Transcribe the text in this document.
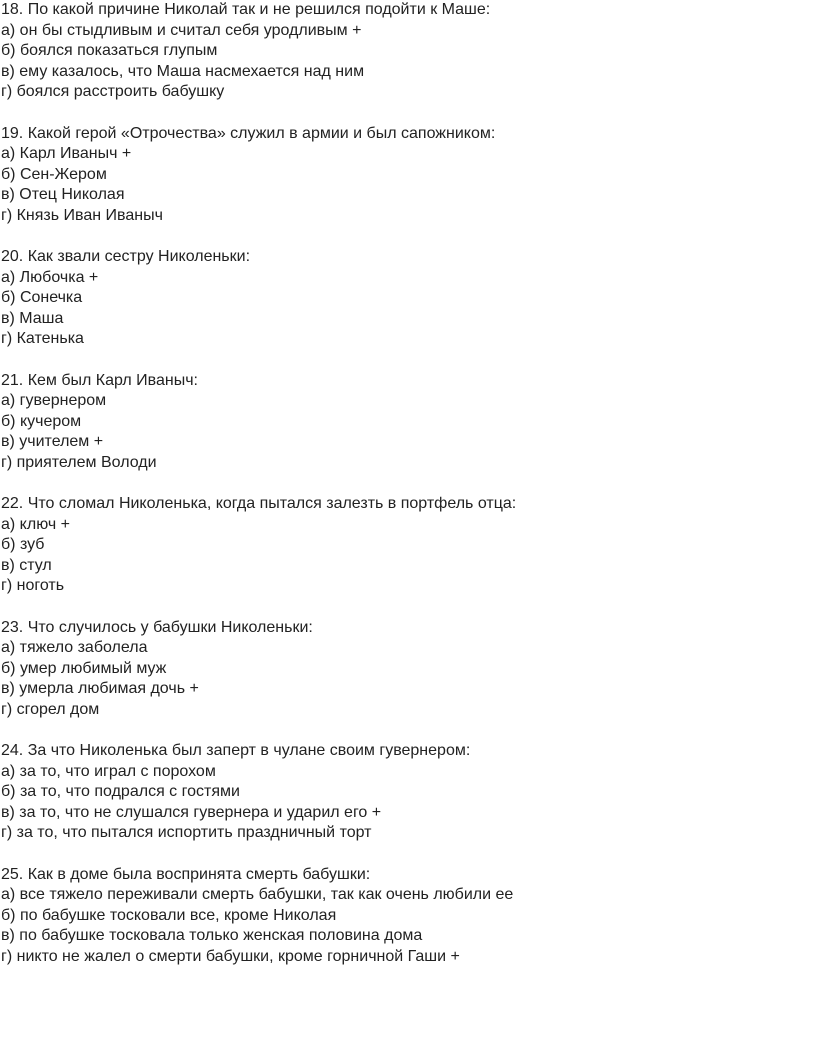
18. По какой причине Николай так и не решился подойти к Маше:
а) он бы стыдливым и считал себя уродливым +
б) боялся показаться глупым
в) ему казалось, что Маша насмехается над ним
г) боялся расстроить бабушку
19. Какой герой «Отрочества» служил в армии и был сапожником:
а) Карл Иваныч +
б) Сен-Жером
в) Отец Николая
г) Князь Иван Иваныч
20. Как звали сестру Николеньки:
а) Любочка +
б) Сонечка
в) Маша
г) Катенька
21. Кем был Карл Иваныч:
а) гувернером
б) кучером
в) учителем +
г) приятелем Володи
22. Что сломал Николенька, когда пытался залезть в портфель отца:
а) ключ +
б) зуб
в) стул
г) ноготь
23. Что случилось у бабушки Николеньки:
а) тяжело заболела
б) умер любимый муж
в) умерла любимая дочь +
г) сгорел дом
24. За что Николенька был заперт в чулане своим гувернером:
а) за то, что играл с порохом
б) за то, что подрался с гостями
в) за то, что не слушался гувернера и ударил его +
г) за то, что пытался испортить праздничный торт
25. Как в доме была воспринята смерть бабушки:
а) все тяжело переживали смерть бабушки, так как очень любили ее
б) по бабушке тосковали все, кроме Николая
в) по бабушке тосковала только женская половина дома
г) никто не жалел о смерти бабушки, кроме горничной Гаши +
